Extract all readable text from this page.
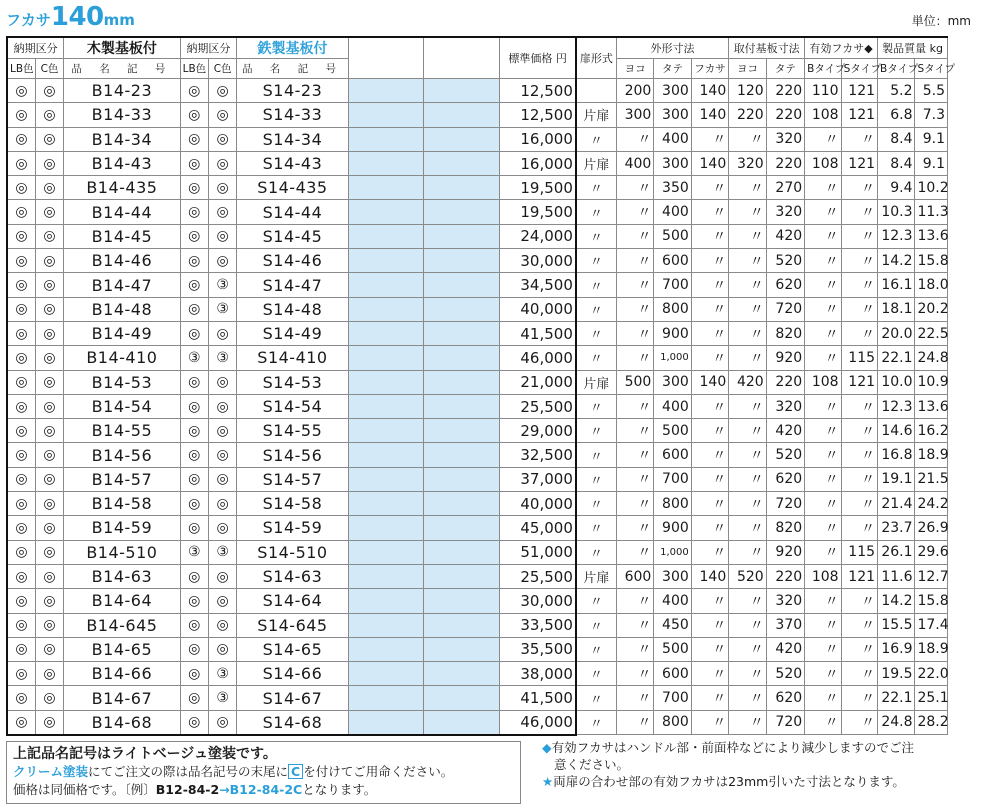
フカサ140mm	単位：mm
納期区分		木製基板付	納期区分		鉄製基板付			標準価格 円	扉形式	外形寸法			取付基板寸法		有効フカサ◆		製品質量 kg	
LB色	C色	品 名 記 号	LB色	C色	品 名 記 号					ヨコ	タテ	フカサ	ヨコ	タテ	Bタイプ	Sタイプ	Bタイプ	Sタイプ
◎	◎	B14-23	◎	◎	S14-23			12,500		200	300	140	120	220	110	121	5.2	5.5
◎	◎	B14-33	◎	◎	S14-33			12,500	片扉	300	300	140	220	220	108	121	6.8	7.3
◎	◎	B14-34	◎	◎	S14-34			16,000	〃	〃	400	〃	〃	320	〃	〃	8.4	9.1
◎	◎	B14-43	◎	◎	S14-43			16,000	片扉	400	300	140	320	220	108	121	8.4	9.1
◎	◎	B14-435	◎	◎	S14-435			19,500	〃	〃	350	〃	〃	270	〃	〃	9.4	10.2
◎	◎	B14-44	◎	◎	S14-44			19,500	〃	〃	400	〃	〃	320	〃	〃	10.3	11.3
◎	◎	B14-45	◎	◎	S14-45			24,000	〃	〃	500	〃	〃	420	〃	〃	12.3	13.6
◎	◎	B14-46	◎	◎	S14-46			30,000	〃	〃	600	〃	〃	520	〃	〃	14.2	15.8
◎	◎	B14-47	◎	③	S14-47			34,500	〃	〃	700	〃	〃	620	〃	〃	16.1	18.0
◎	◎	B14-48	◎	③	S14-48			40,000	〃	〃	800	〃	〃	720	〃	〃	18.1	20.2
◎	◎	B14-49	◎	◎	S14-49			41,500	〃	〃	900	〃	〃	820	〃	〃	20.0	22.5
◎	◎	B14-410	③	③	S14-410			46,000	〃	〃	1,000	〃	〃	920	〃	115	22.1	24.8
◎	◎	B14-53	◎	◎	S14-53			21,000	片扉	500	300	140	420	220	108	121	10.0	10.9
◎	◎	B14-54	◎	◎	S14-54			25,500	〃	〃	400	〃	〃	320	〃	〃	12.3	13.6
◎	◎	B14-55	◎	◎	S14-55			29,000	〃	〃	500	〃	〃	420	〃	〃	14.6	16.2
◎	◎	B14-56	◎	◎	S14-56			32,500	〃	〃	600	〃	〃	520	〃	〃	16.8	18.9
◎	◎	B14-57	◎	◎	S14-57			37,000	〃	〃	700	〃	〃	620	〃	〃	19.1	21.5
◎	◎	B14-58	◎	◎	S14-58			40,000	〃	〃	800	〃	〃	720	〃	〃	21.4	24.2
◎	◎	B14-59	◎	◎	S14-59			45,000	〃	〃	900	〃	〃	820	〃	〃	23.7	26.9
◎	◎	B14-510	③	③	S14-510			51,000	〃	〃	1,000	〃	〃	920	〃	115	26.1	29.6
◎	◎	B14-63	◎	◎	S14-63			25,500	片扉	600	300	140	520	220	108	121	11.6	12.7
◎	◎	B14-64	◎	◎	S14-64			30,000	〃	〃	400	〃	〃	320	〃	〃	14.2	15.8
◎	◎	B14-645	◎	◎	S14-645			33,500	〃	〃	450	〃	〃	370	〃	〃	15.5	17.4
◎	◎	B14-65	◎	◎	S14-65			35,500	〃	〃	500	〃	〃	420	〃	〃	16.9	18.9
◎	◎	B14-66	◎	③	S14-66			38,000	〃	〃	600	〃	〃	520	〃	〃	19.5	22.0
◎	◎	B14-67	◎	③	S14-67			41,500	〃	〃	700	〃	〃	620	〃	〃	22.1	25.1
◎	◎	B14-68	◎	◎	S14-68			46,000	〃	〃	800	〃	〃	720	〃	〃	24.8	28.2
上記品名記号はライトベージュ塗装です。
クリーム塗装にてご注文の際は品名記号の末尾に C を付けてご用命ください。
価格は同価格です。〔例〕B12-84-2→B12-84-2Cとなります。
◆有効フカサはハンドル部・前面枠などにより減少しますのでご注
意ください。
★両扉の合わせ部の有効フカサは23mm引いた寸法となります。
